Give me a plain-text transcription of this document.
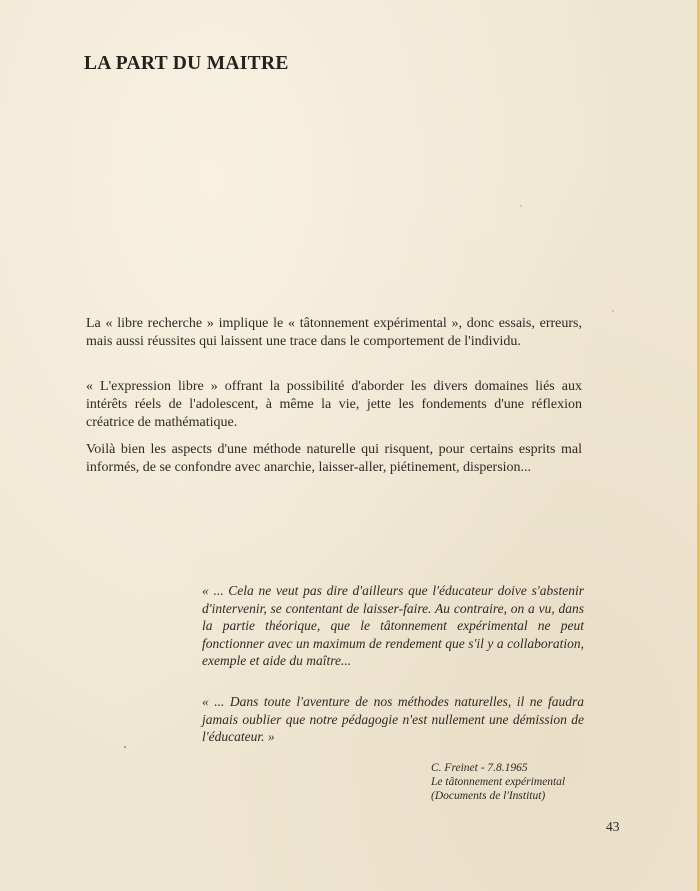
LA PART DU MAITRE

La « libre recherche » implique le « tâtonnement expérimental », donc essais, erreurs, mais aussi réussites qui laissent une trace dans le comportement de l'individu.

« L'expression libre » offrant la possibilité d'aborder les divers domaines liés aux intérêts réels de l'adolescent, à même la vie, jette les fondements d'une réflexion créatrice de mathématique.

Voilà bien les aspects d'une méthode naturelle qui risquent, pour certains esprits mal informés, de se confondre avec anarchie, laisser-aller, piétinement, dispersion...

« ... Cela ne veut pas dire d'ailleurs que l'éducateur doive s'abstenir d'intervenir, se contentant de laisser-faire. Au contraire, on a vu, dans la partie théorique, que le tâtonnement expérimental ne peut fonctionner avec un maximum de rendement que s'il y a collaboration, exemple et aide du maître...

« ... Dans toute l'aventure de nos méthodes naturelles, il ne faudra jamais oublier que notre pédagogie n'est nullement une démission de l'éducateur. »

C. Freinet - 7.8.1965
Le tâtonnement expérimental
(Documents de l'Institut)
43
